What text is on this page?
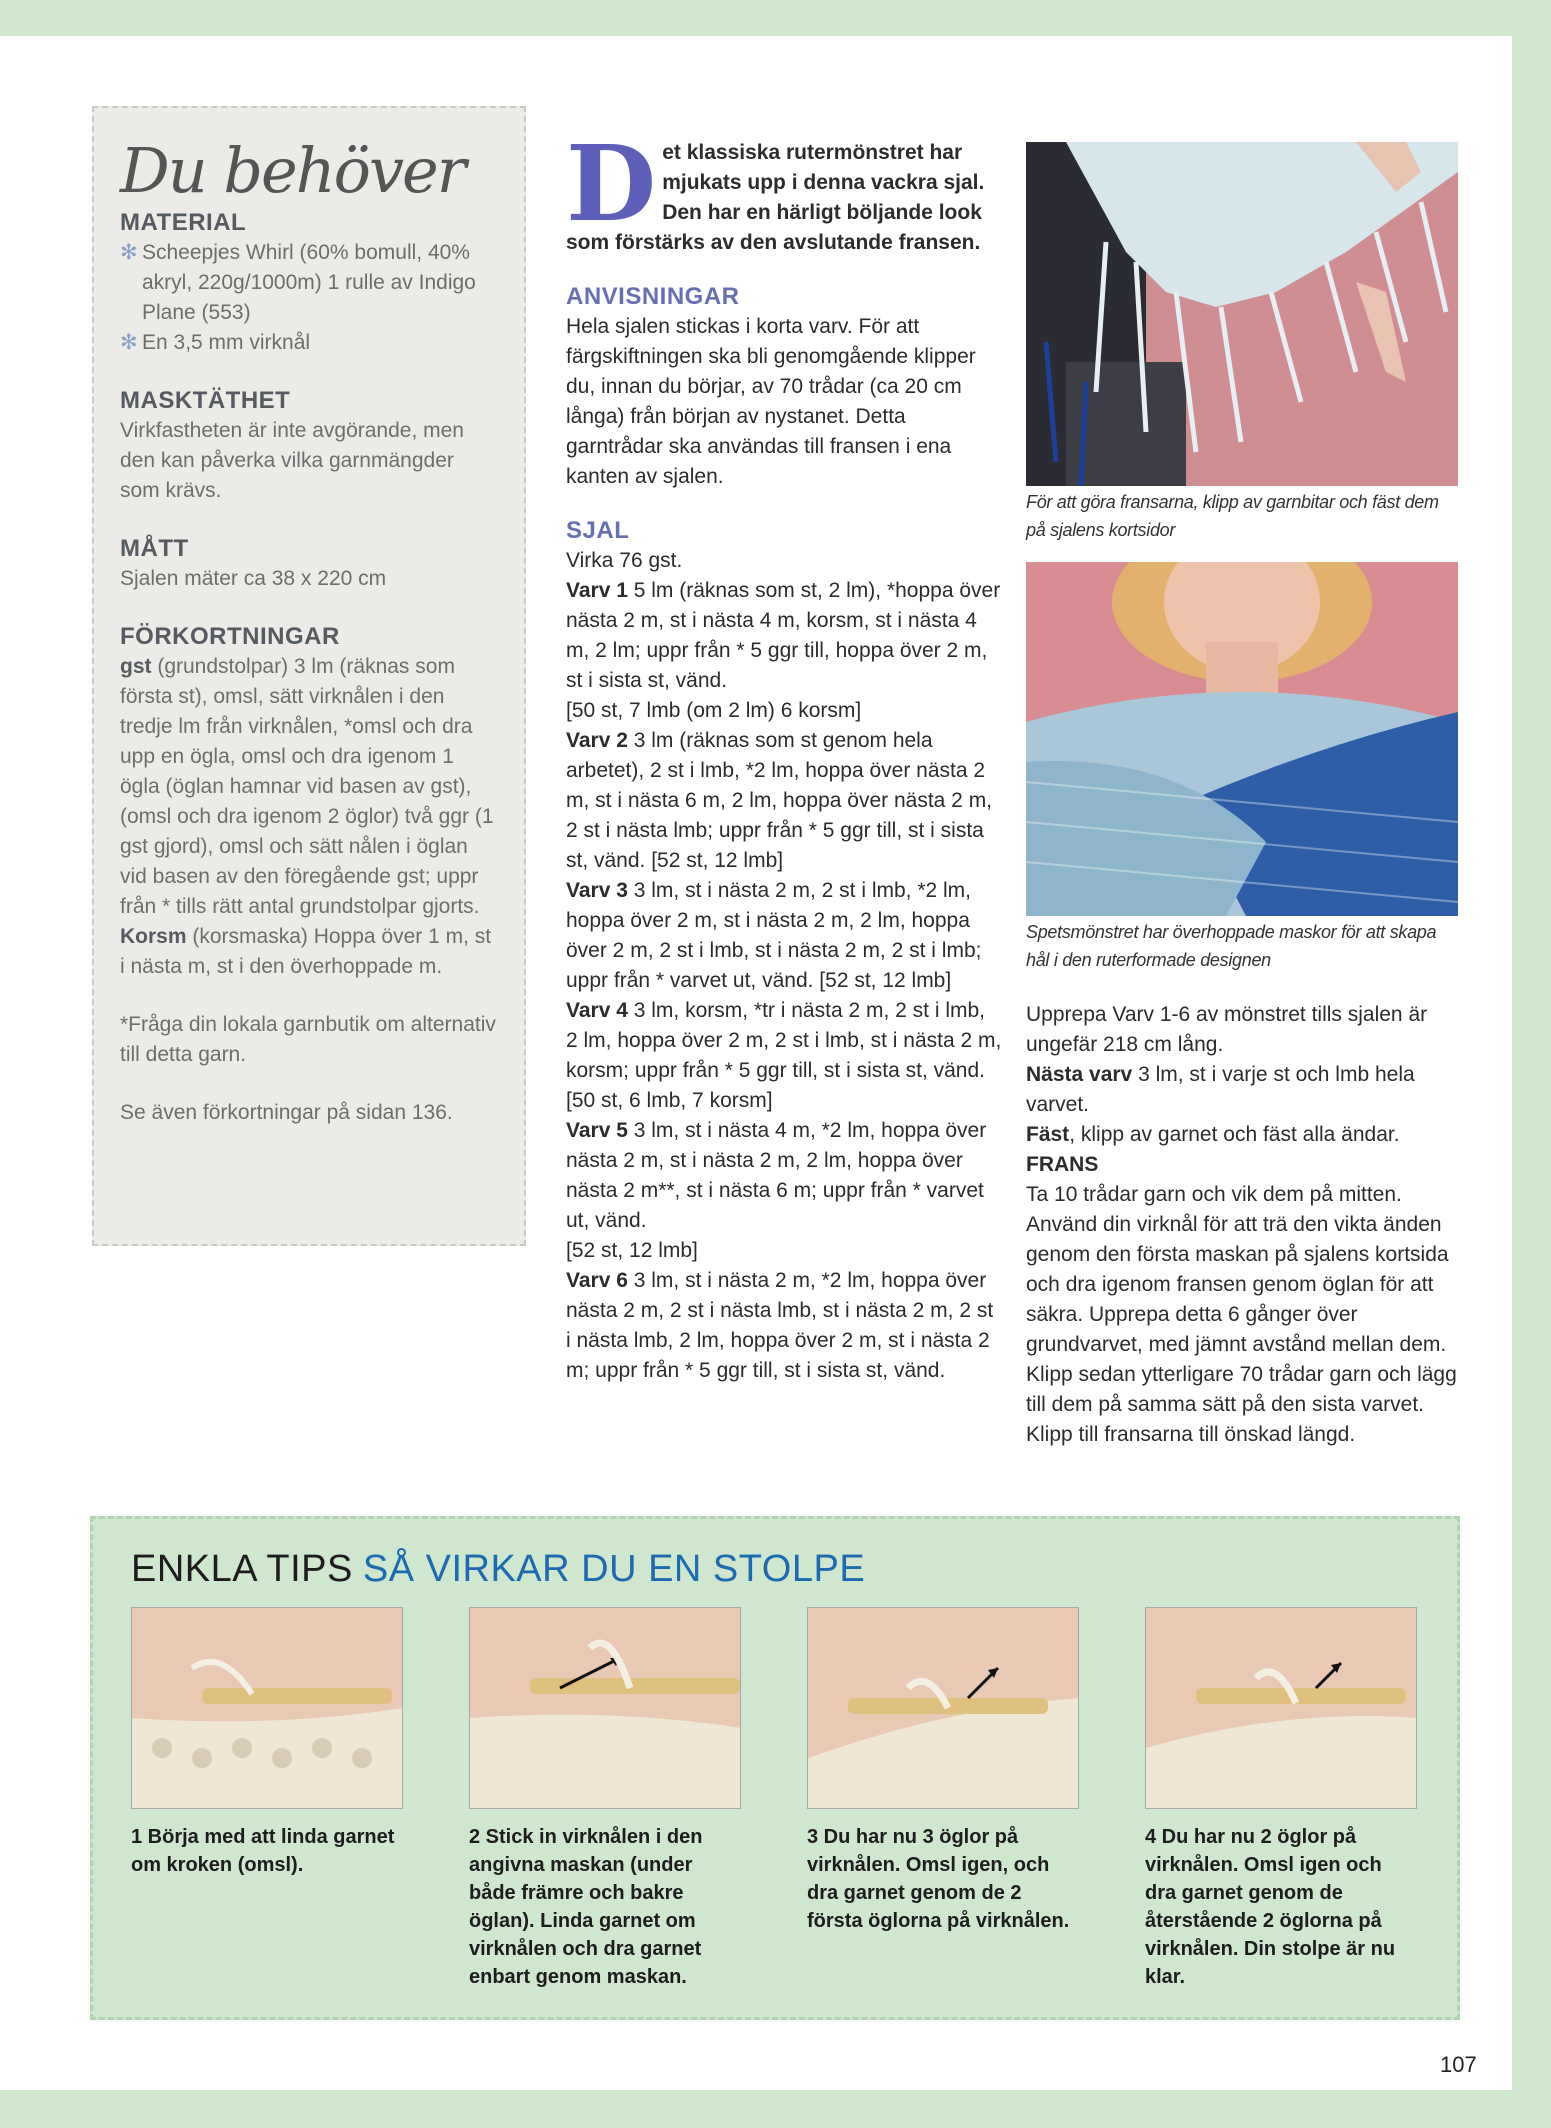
Du behöver
MATERIAL
✻ Scheepjes Whirl (60% bomull, 40% akryl, 220g/1000m) 1 rulle av Indigo Plane (553)
✻ En 3,5 mm virknål
MASKTÄTHET
Virkfastheten är inte avgörande, men den kan påverka vilka garnmängder som krävs.
MÅTT
Sjalen mäter ca 38 x 220 cm
FÖRKORTNINGAR
gst (grundstolpar) 3 lm (räknas som första st), omsl, sätt virknålen i den tredje lm från virknålen, *omsl och dra upp en ögla, omsl och dra igenom 1 ögla (öglan hamnar vid basen av gst), (omsl och dra igenom 2 öglor) två ggr (1 gst gjord), omsl och sätt nålen i öglan vid basen av den föregående gst; uppr från * tills rätt antal grundstolpar gjorts.
Korsm (korsmaska) Hoppa över 1 m, st i nästa m, st i den överhoppade m.
*Fråga din lokala garnbutik om alternativ till detta garn.
Se även förkortningar på sidan 136.
Det klassiska rutermönstret har mjukats upp i denna vackra sjal. Den har en härligt böljande look som förstärks av den avslutande fransen.
ANVISNINGAR
Hela sjalen stickas i korta varv. För att färgskiftningen ska bli genomgående klipper du, innan du börjar, av 70 trådar (ca 20 cm långa) från början av nystanet. Detta garntrådar ska användas till fransen i ena kanten av sjalen.
SJAL
Virka 76 gst.
Varv 1 5 lm (räknas som st, 2 lm), *hoppa över nästa 2 m, st i nästa 4 m, korsm, st i nästa 4 m, 2 lm; uppr från * 5 ggr till, hoppa över 2 m, st i sista st, vänd.
[50 st, 7 lmb (om 2 lm) 6 korsm]
Varv 2 3 lm (räknas som st genom hela arbetet), 2 st i lmb, *2 lm, hoppa över nästa 2 m, st i nästa 6 m, 2 lm, hoppa över nästa 2 m, 2 st i nästa lmb; uppr från * 5 ggr till, st i sista st, vänd. [52 st, 12 lmb]
Varv 3 3 lm, st i nästa 2 m, 2 st i lmb, *2 lm, hoppa över 2 m, st i nästa 2 m, 2 lm, hoppa över 2 m, 2 st i lmb, st i nästa 2 m, 2 st i lmb; uppr från * varvet ut, vänd. [52 st, 12 lmb]
Varv 4 3 lm, korsm, *tr i nästa 2 m, 2 st i lmb, 2 lm, hoppa över 2 m, 2 st i lmb, st i nästa 2 m, korsm; uppr från * 5 ggr till, st i sista st, vänd. [50 st, 6 lmb, 7 korsm]
Varv 5 3 lm, st i nästa 4 m, *2 lm, hoppa över nästa 2 m, st i nästa 2 m, 2 lm, hoppa över nästa 2 m**, st i nästa 6 m; uppr från * varvet ut, vänd.
[52 st, 12 lmb]
Varv 6 3 lm, st i nästa 2 m, *2 lm, hoppa över nästa 2 m, 2 st i nästa lmb, st i nästa 2 m, 2 st i nästa lmb, 2 lm, hoppa över 2 m, st i nästa 2 m; uppr från * 5 ggr till, st i sista st, vänd.
För att göra fransarna, klipp av garnbitar och fäst dem på sjalens kortsidor
Spetsmönstret har överhoppade maskor för att skapa hål i den ruterformade designen
Upprepa Varv 1-6 av mönstret tills sjalen är ungefär 218 cm lång.
Nästa varv 3 lm, st i varje st och lmb hela varvet.
Fäst, klipp av garnet och fäst alla ändar.
FRANS
Ta 10 trådar garn och vik dem på mitten. Använd din virknål för att trä den vikta änden genom den första maskan på sjalens kortsida och dra igenom fransen genom öglan för att säkra. Upprepa detta 6 gånger över grundvarvet, med jämnt avstånd mellan dem. Klipp sedan ytterligare 70 trådar garn och lägg till dem på samma sätt på den sista varvet. Klipp till fransarna till önskad längd.
ENKLA TIPS SÅ VIRKAR DU EN STOLPE
1 Börja med att linda garnet om kroken (omsl).
2 Stick in virknålen i den angivna maskan (under både främre och bakre öglan). Linda garnet om virknålen och dra garnet enbart genom maskan.
3 Du har nu 3 öglor på virknålen. Omsl igen, och dra garnet genom de 2 första öglorna på virknålen.
4 Du har nu 2 öglor på virknålen. Omsl igen och dra garnet genom de återstående 2 öglorna på virknålen. Din stolpe är nu klar.
107
